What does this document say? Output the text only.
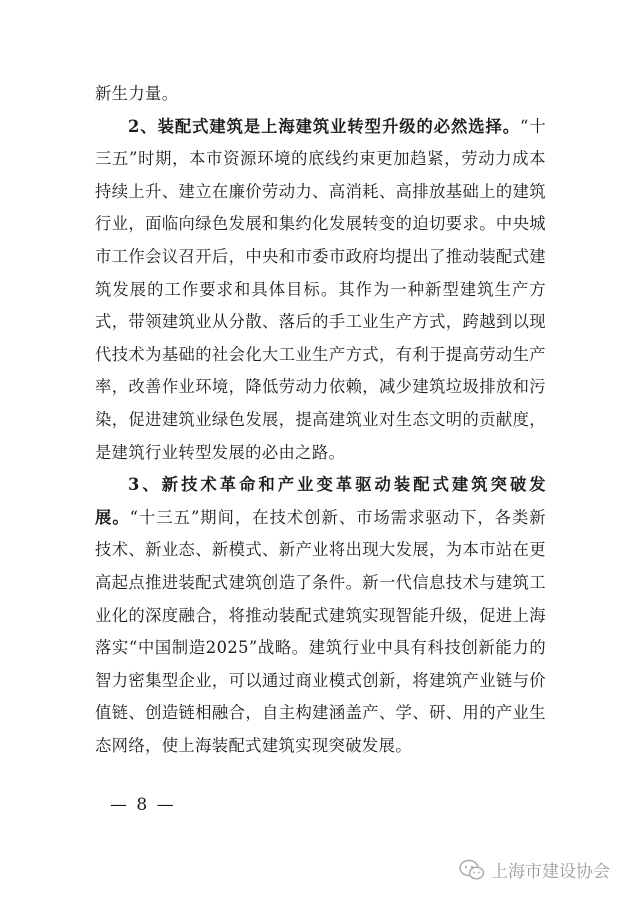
新生力量。

2、装配式建筑是上海建筑业转型升级的必然选择。“十三五”时期，本市资源环境的底线约束更加趋紧，劳动力成本持续上升、建立在廉价劳动力、高消耗、高排放基础上的建筑行业，面临向绿色发展和集约化发展转变的迫切要求。中央城市工作会议召开后，中央和市委市政府均提出了推动装配式建筑发展的工作要求和具体目标。其作为一种新型建筑生产方式，带领建筑业从分散、落后的手工业生产方式，跨越到以现代技术为基础的社会化大工业生产方式，有利于提高劳动生产率，改善作业环境，降低劳动力依赖，减少建筑垃圾排放和污染，促进建筑业绿色发展，提高建筑业对生态文明的贡献度，是建筑行业转型发展的必由之路。

3、新技术革命和产业变革驱动装配式建筑突破发展。“十三五”期间，在技术创新、市场需求驱动下，各类新技术、新业态、新模式、新产业将出现大发展，为本市站在更高起点推进装配式建筑创造了条件。新一代信息技术与建筑工业化的深度融合，将推动装配式建筑实现智能升级，促进上海落实“中国制造2025”战略。建筑行业中具有科技创新能力的智力密集型企业，可以通过商业模式创新，将建筑产业链与价值链、创造链相融合，自主构建涵盖产、学、研、用的产业生态网络，使上海装配式建筑实现突破发展。

— 8 —
上海市建设协会
